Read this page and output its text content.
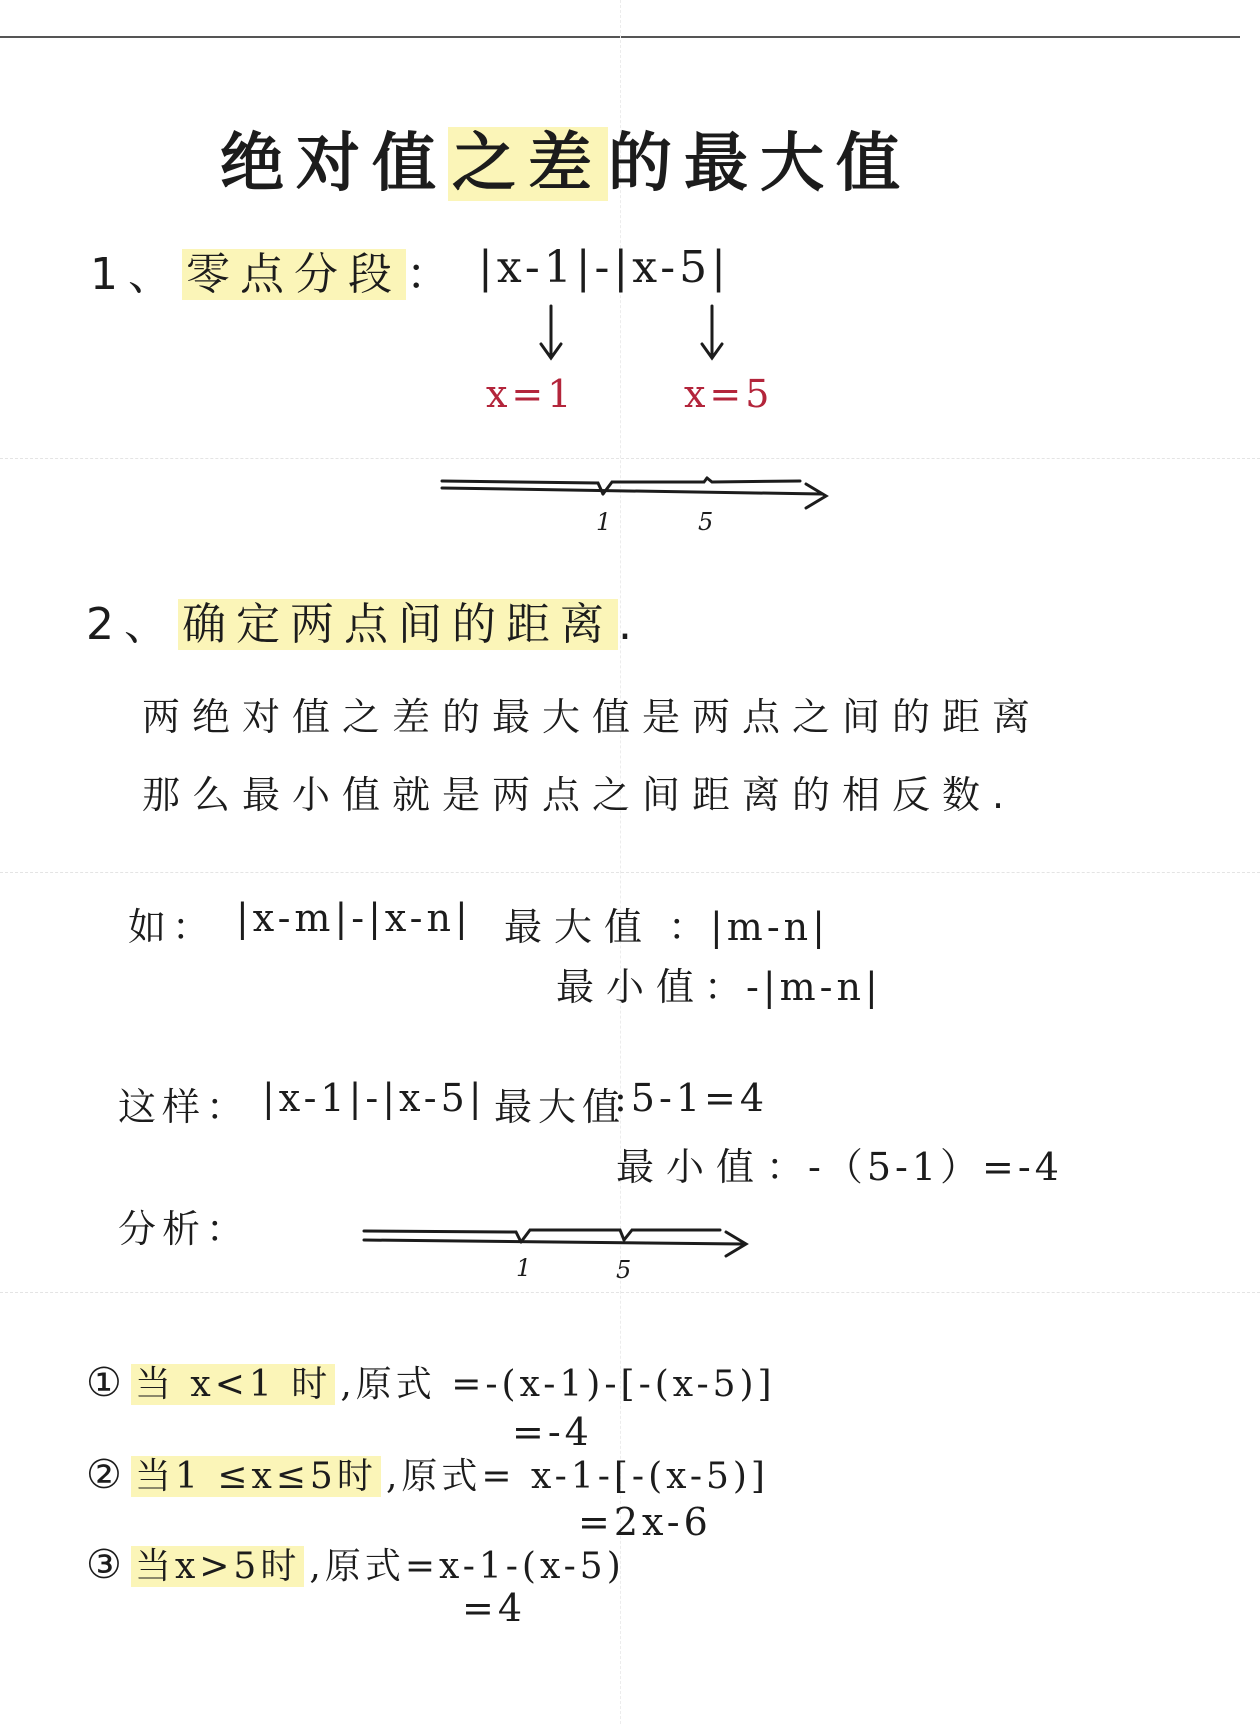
绝对值之差的最大值
1、零点分段： |x-1|-|x-5|
x=1	x=5
1	5
2、确定两点间的距离.
两绝对值之差的最大值是两点之间的距离
那么最小值就是两点之间距离的相反数.
如： |x-m|-|x-n| 最大值 ：|m-n|
最小值
：-|m-n|
这样： |x-1|-|x-5| 最大值
:5-1=4
最小值 ：-（5-1）=-4
分析：
1	5
① 当 x<1 时 ,原式 =-(x-1)-[-(x-5)]
=-4
② 当1 ≤x≤5时 ,原式= x-1-[-(x-5)]
=2x-6
③ 当x>5时 ,原式=x-1-(x-5)
=4
